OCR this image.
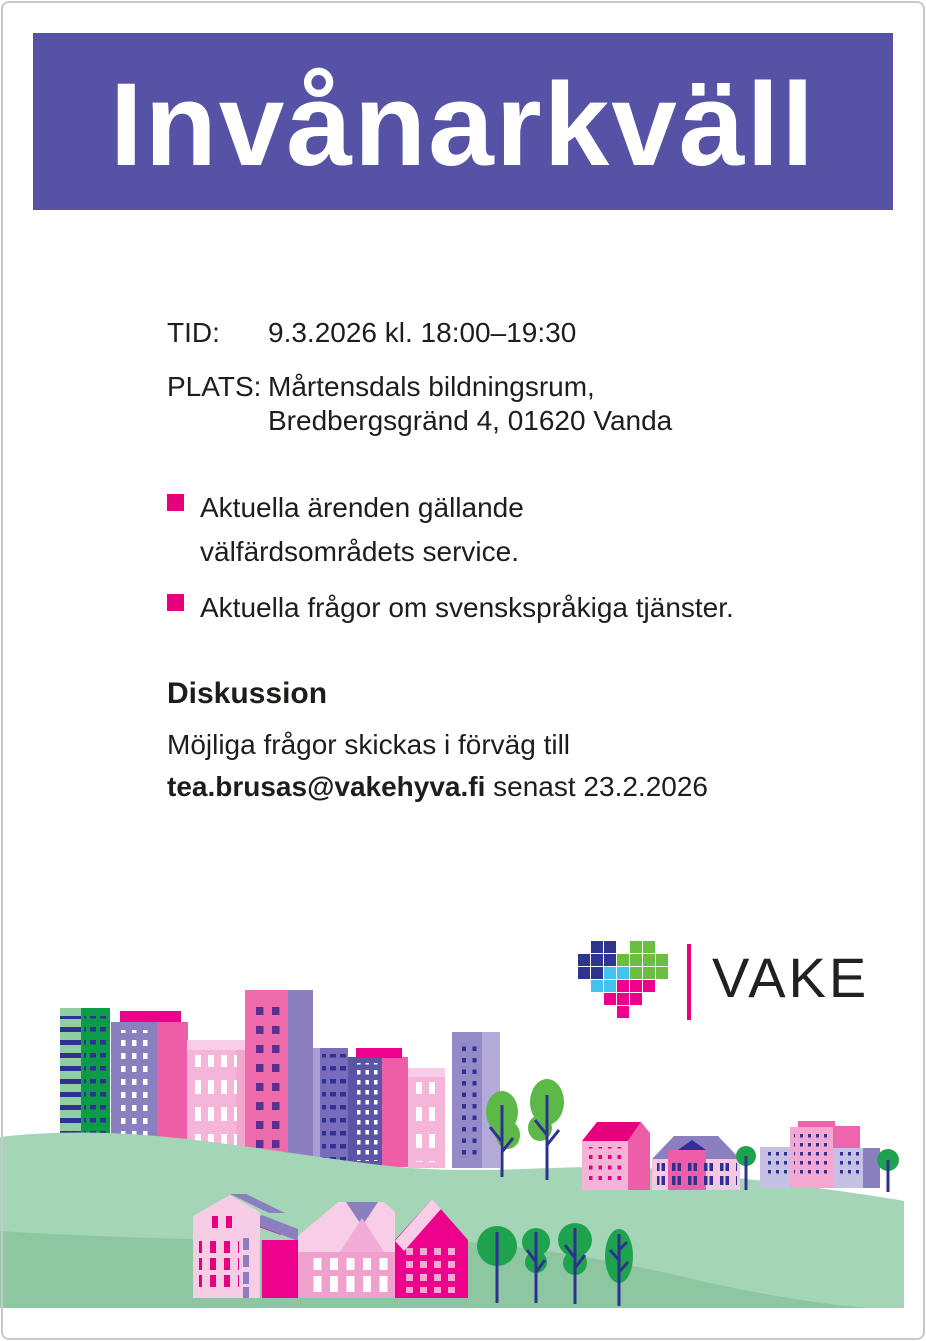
Invånarkväll
TID:	9.3.2026 kl. 18:00–19:30
PLATS: Mårtensdals bildningsrum,
Bredbergsgränd 4, 01620 Vanda
Aktuella ärenden gällande
välfärdsområdets service.
Aktuella frågor om svenskspråkiga tjänster.
Diskussion

Möjliga frågor skickas i förväg till
tea.brusas@vakehyva.fi senast 23.2.2026

VAKE
